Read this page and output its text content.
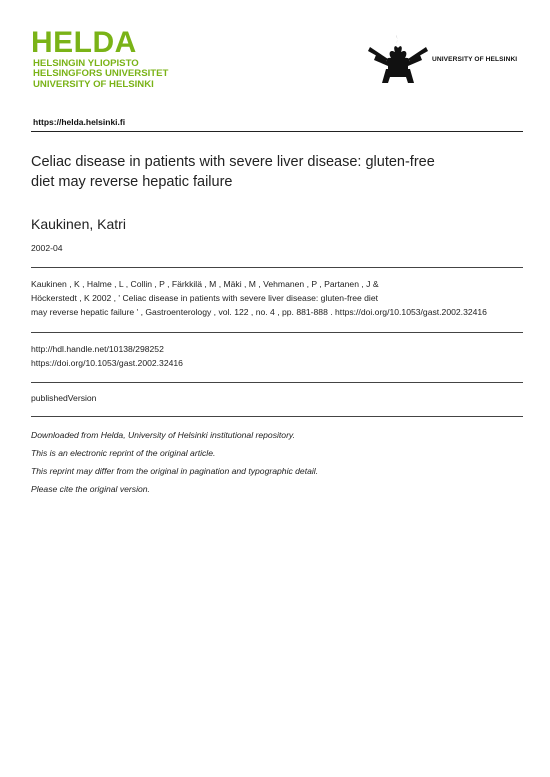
HELDA
HELSINGIN YLIOPISTO
HELSINGFORS UNIVERSITET
UNIVERSITY OF HELSINKI
UNIVERSITY OF HELSINKI
https://helda.helsinki.fi
Celiac disease in patients with severe liver disease: gluten-free
diet may reverse hepatic failure
Kaukinen, Katri
2002-04
Kaukinen , K , Halme , L , Collin , P , Färkkilä , M , Mäki , M , Vehmanen , P , Partanen , J &
Höckerstedt , K 2002 , ' Celiac disease in patients with severe liver disease: gluten-free diet
may reverse hepatic failure ' , Gastroenterology , vol. 122 , no. 4 , pp. 881-888 . https://doi.org/10.1053/gast.2002.32416
http://hdl.handle.net/10138/298252
https://doi.org/10.1053/gast.2002.32416
publishedVersion
Downloaded from Helda, University of Helsinki institutional repository.
This is an electronic reprint of the original article.
This reprint may differ from the original in pagination and typographic detail.
Please cite the original version.
